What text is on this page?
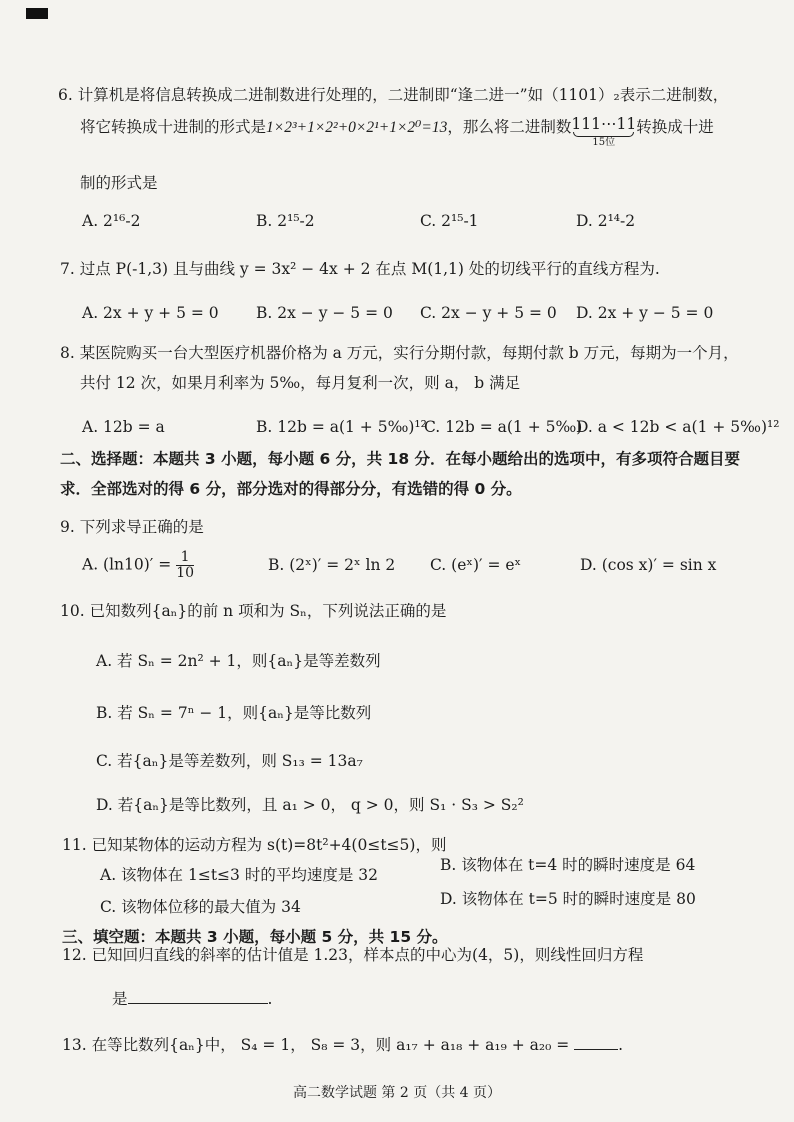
6. 计算机是将信息转换成二进制数进行处理的，二进制即“逢二进一”如（1101）₂表示二进制数，
将它转换成十进制的形式是1×2³+1×2²+0×2¹+1×2⁰=13，那么将二进制数111⋯11
15位
转换成十进
制的形式是
A. 2¹⁶-2	B. 2¹⁵-2	C. 2¹⁵-1	D. 2¹⁴-2
7. 过点 P(-1,3) 且与曲线 y = 3x² − 4x + 2 在点 M(1,1) 处的切线平行的直线方程为.
A. 2x + y + 5 = 0 B. 2x − y − 5 = 0 C. 2x − y + 5 = 0 D. 2x + y − 5 = 0
8. 某医院购买一台大型医疗机器价格为 a 万元，实行分期付款，每期付款 b 万元，每期为一个月，
共付 12 次，如果月利率为 5‰，每月复利一次，则 a， b 满足
A. 12b = a	B. 12b = a(1 + 5‰)¹²
C. 12b = a(1 + 5‰)
D. a < 12b < a(1 + 5‰)¹²
二、选择题：本题共 3 小题，每小题 6 分，共 18 分．在每小题给出的选项中，有多项符合题目要
求．全部选对的得 6 分，部分选对的得部分分，有选错的得 0 分。
9. 下列求导正确的是
A. $(\ln 10)' = \frac{1}{10}$	B. (2ˣ)′ = 2ˣ ln 2 C. (eˣ)′ = eˣ	D. (cos x)′ = sin x
10. 已知数列{aₙ}的前 n 项和为 Sₙ，下列说法正确的是
A. 若 Sₙ = 2n² + 1，则{aₙ}是等差数列
B. 若 Sₙ = 7ⁿ − 1，则{aₙ}是等比数列
C. 若{aₙ}是等差数列，则 S₁₃ = 13a₇
D. 若{aₙ}是等比数列，且 a₁ > 0， q > 0，则 S₁ · S₃ > S₂²
11. 已知某物体的运动方程为 s(t)=8t²+4(0≤t≤5)，则
A. 该物体在 1≤t≤3 时的平均速度是 32
B. 该物体在 t=4 时的瞬时速度是 64
C. 该物体位移的最大值为 34	D. 该物体在 t=5 时的瞬时速度是 80
三、填空题：本题共 3 小题，每小题 5 分，共 15 分。
12. 已知回归直线的斜率的估计值是 1.23，样本点的中心为(4，5)，则线性回归方程
是	.
13. 在等比数列{aₙ}中， S₄ = 1， S₈ = 3，则 a₁₇ + a₁₈ + a₁₉ + a₂₀ =	.
高二数学试题 第 2 页（共 4 页）
